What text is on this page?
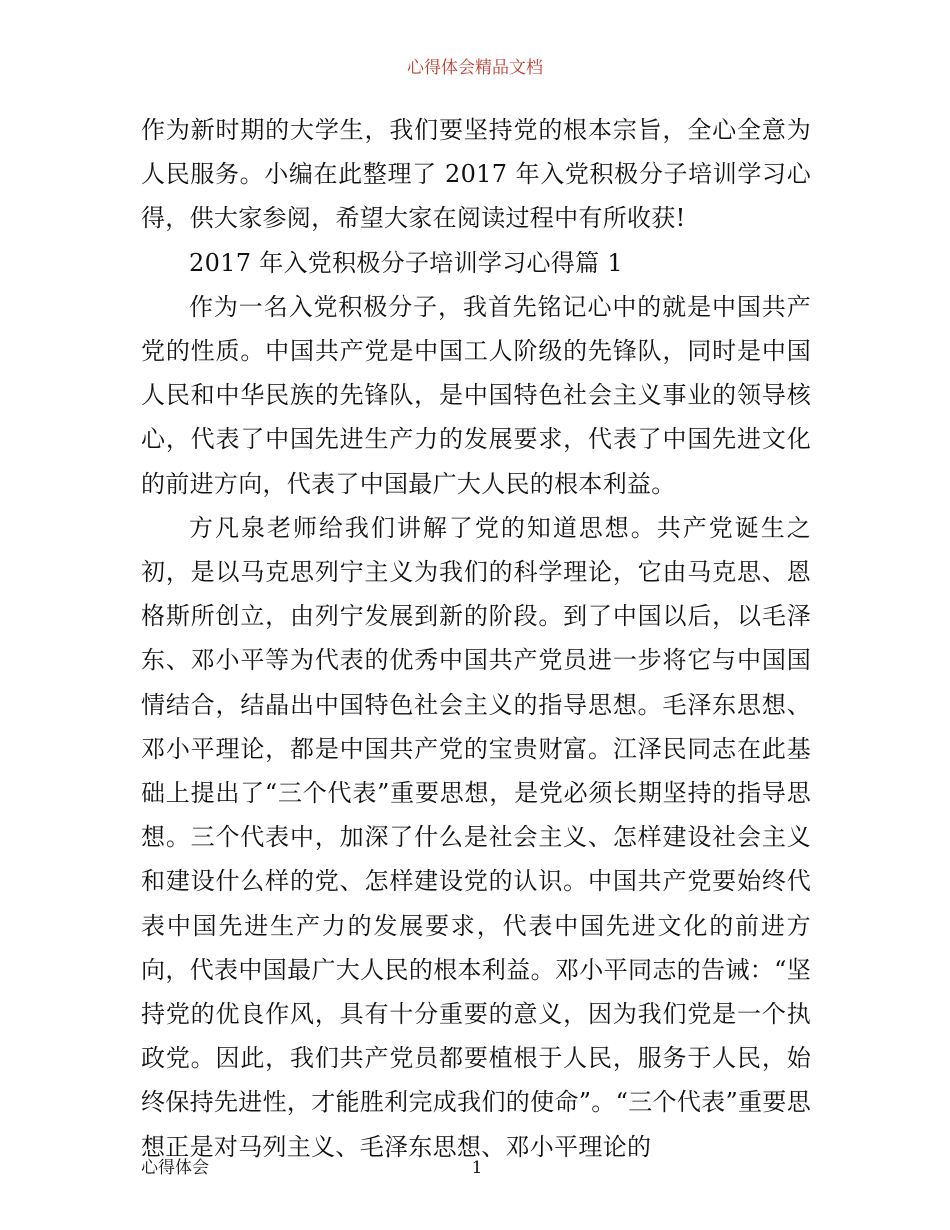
心得体会精品文档

作为新时期的大学生，我们要坚持党的根本宗旨，全心全意为人民服务。小编在此整理了 2017 年入党积极分子培训学习心得，供大家参阅，希望大家在阅读过程中有所收获!

2017 年入党积极分子培训学习心得篇 1

作为一名入党积极分子，我首先铭记心中的就是中国共产党的性质。中国共产党是中国工人阶级的先锋队，同时是中国人民和中华民族的先锋队，是中国特色社会主义事业的领导核心，代表了中国先进生产力的发展要求，代表了中国先进文化的前进方向，代表了中国最广大人民的根本利益。

方凡泉老师给我们讲解了党的知道思想。共产党诞生之初，是以马克思列宁主义为我们的科学理论，它由马克思、恩格斯所创立，由列宁发展到新的阶段。到了中国以后，以毛泽东、邓小平等为代表的优秀中国共产党员进一步将它与中国国情结合，结晶出中国特色社会主义的指导思想。毛泽东思想、邓小平理论，都是中国共产党的宝贵财富。江泽民同志在此基础上提出了“三个代表”重要思想，是党必须长期坚持的指导思想。三个代表中，加深了什么是社会主义、怎样建设社会主义和建设什么样的党、怎样建设党的认识。中国共产党要始终代表中国先进生产力的发展要求，代表中国先进文化的前进方向，代表中国最广大人民的根本利益。邓小平同志的告诫：“坚持党的优良作风，具有十分重要的意义，因为我们党是一个执政党。因此，我们共产党员都要植根于人民，服务于人民，始终保持先进性，才能胜利完成我们的使命”。“三个代表”重要思想正是对马列主义、毛泽东思想、邓小平理论的

心得体会	1
